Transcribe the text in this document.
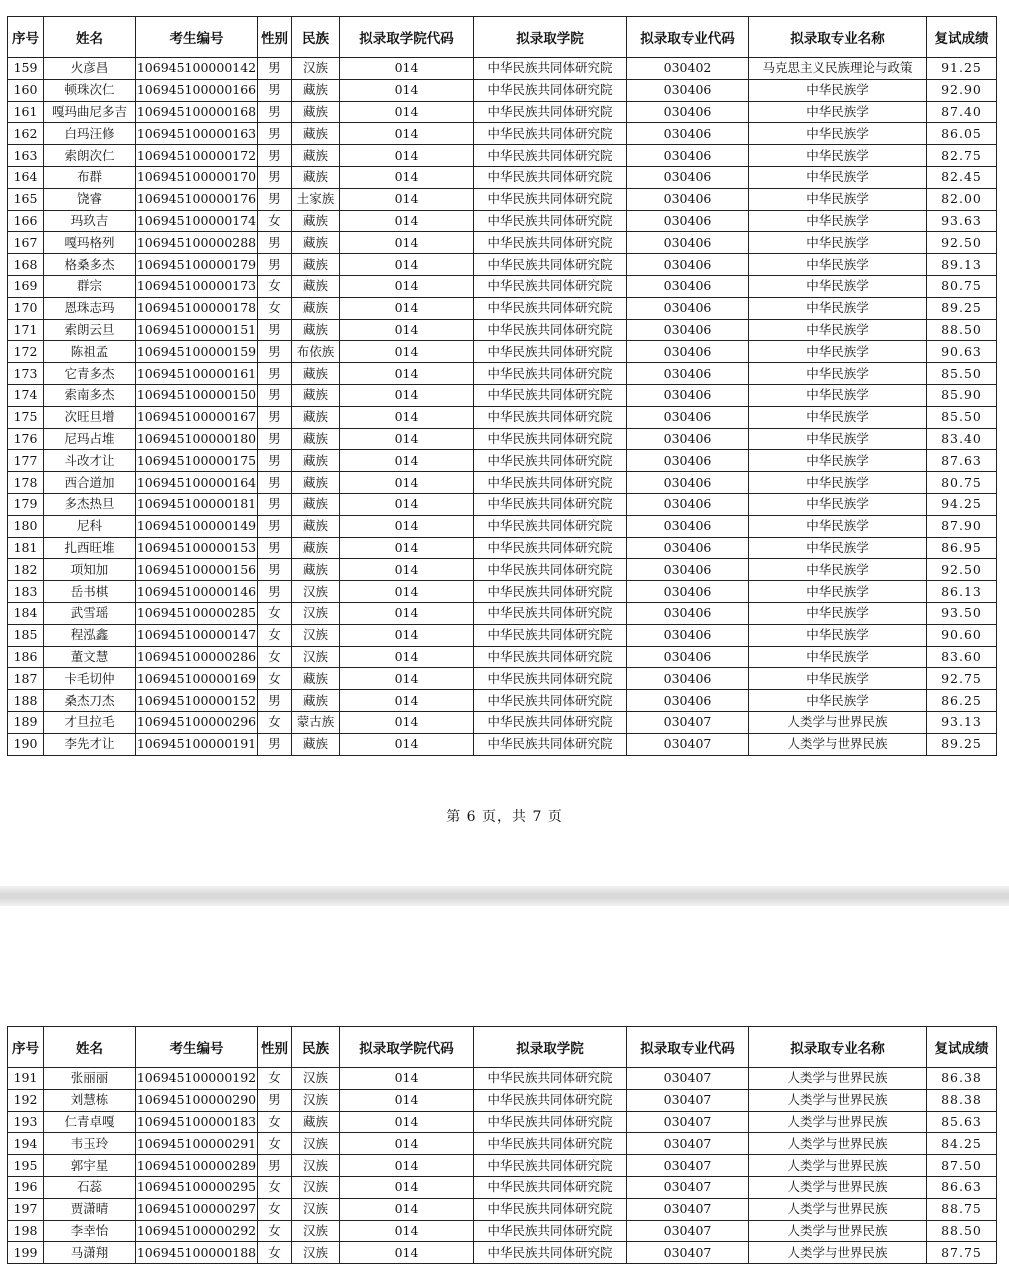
序号	姓名	考生编号	性别	民族	拟录取学院代码	拟录取学院	拟录取专业代码	拟录取专业名称	复试成绩
159	火彦昌	106945100000142	男	汉族	014	中华民族共同体研究院	030402	马克思主义民族理论与政策	91.25
160	顿珠次仁	106945100000166	男	藏族	014	中华民族共同体研究院	030406	中华民族学	92.90
161	嘎玛曲尼多吉	106945100000168	男	藏族	014	中华民族共同体研究院	030406	中华民族学	87.40
162	白玛汪修	106945100000163	男	藏族	014	中华民族共同体研究院	030406	中华民族学	86.05
163	索朗次仁	106945100000172	男	藏族	014	中华民族共同体研究院	030406	中华民族学	82.75
164	布群	106945100000170	男	藏族	014	中华民族共同体研究院	030406	中华民族学	82.45
165	饶睿	106945100000176	男	土家族	014	中华民族共同体研究院	030406	中华民族学	82.00
166	玛玖吉	106945100000174	女	藏族	014	中华民族共同体研究院	030406	中华民族学	93.63
167	嘎玛格列	106945100000288	男	藏族	014	中华民族共同体研究院	030406	中华民族学	92.50
168	格桑多杰	106945100000179	男	藏族	014	中华民族共同体研究院	030406	中华民族学	89.13
169	群宗	106945100000173	女	藏族	014	中华民族共同体研究院	030406	中华民族学	80.75
170	恩珠志玛	106945100000178	女	藏族	014	中华民族共同体研究院	030406	中华民族学	89.25
171	索朗云旦	106945100000151	男	藏族	014	中华民族共同体研究院	030406	中华民族学	88.50
172	陈祖孟	106945100000159	男	布依族	014	中华民族共同体研究院	030406	中华民族学	90.63
173	它青多杰	106945100000161	男	藏族	014	中华民族共同体研究院	030406	中华民族学	85.50
174	索南多杰	106945100000150	男	藏族	014	中华民族共同体研究院	030406	中华民族学	85.90
175	次旺旦增	106945100000167	男	藏族	014	中华民族共同体研究院	030406	中华民族学	85.50
176	尼玛占堆	106945100000180	男	藏族	014	中华民族共同体研究院	030406	中华民族学	83.40
177	斗改才让	106945100000175	男	藏族	014	中华民族共同体研究院	030406	中华民族学	87.63
178	西合道加	106945100000164	男	藏族	014	中华民族共同体研究院	030406	中华民族学	80.75
179	多杰热旦	106945100000181	男	藏族	014	中华民族共同体研究院	030406	中华民族学	94.25
180	尼科	106945100000149	男	藏族	014	中华民族共同体研究院	030406	中华民族学	87.90
181	扎西旺堆	106945100000153	男	藏族	014	中华民族共同体研究院	030406	中华民族学	86.95
182	项知加	106945100000156	男	藏族	014	中华民族共同体研究院	030406	中华民族学	92.50
183	岳书棋	106945100000146	男	汉族	014	中华民族共同体研究院	030406	中华民族学	86.13
184	武雪瑶	106945100000285	女	汉族	014	中华民族共同体研究院	030406	中华民族学	93.50
185	程泓鑫	106945100000147	女	汉族	014	中华民族共同体研究院	030406	中华民族学	90.60
186	董文慧	106945100000286	女	汉族	014	中华民族共同体研究院	030406	中华民族学	83.60
187	卡毛切仲	106945100000169	女	藏族	014	中华民族共同体研究院	030406	中华民族学	92.75
188	桑杰刀杰	106945100000152	男	藏族	014	中华民族共同体研究院	030406	中华民族学	86.25
189	才旦拉毛	106945100000296	女	蒙古族	014	中华民族共同体研究院	030407	人类学与世界民族	93.13
190	李先才让	106945100000191	男	藏族	014	中华民族共同体研究院	030407	人类学与世界民族	89.25
第 6 页，共 7 页
序号	姓名	考生编号	性别	民族	拟录取学院代码	拟录取学院	拟录取专业代码	拟录取专业名称	复试成绩
191	张丽丽	106945100000192	女	汉族	014	中华民族共同体研究院	030407	人类学与世界民族	86.38
192	刘慧栋	106945100000290	男	汉族	014	中华民族共同体研究院	030407	人类学与世界民族	88.38
193	仁青卓嘎	106945100000183	女	藏族	014	中华民族共同体研究院	030407	人类学与世界民族	85.63
194	韦玉玲	106945100000291	女	汉族	014	中华民族共同体研究院	030407	人类学与世界民族	84.25
195	郭宇星	106945100000289	男	汉族	014	中华民族共同体研究院	030407	人类学与世界民族	87.50
196	石蕊	106945100000295	女	汉族	014	中华民族共同体研究院	030407	人类学与世界民族	86.63
197	贾潇晴	106945100000297	女	汉族	014	中华民族共同体研究院	030407	人类学与世界民族	88.75
198	李幸怡	106945100000292	女	汉族	014	中华民族共同体研究院	030407	人类学与世界民族	88.50
199	马潇翔	106945100000188	女	汉族	014	中华民族共同体研究院	030407	人类学与世界民族	87.75
